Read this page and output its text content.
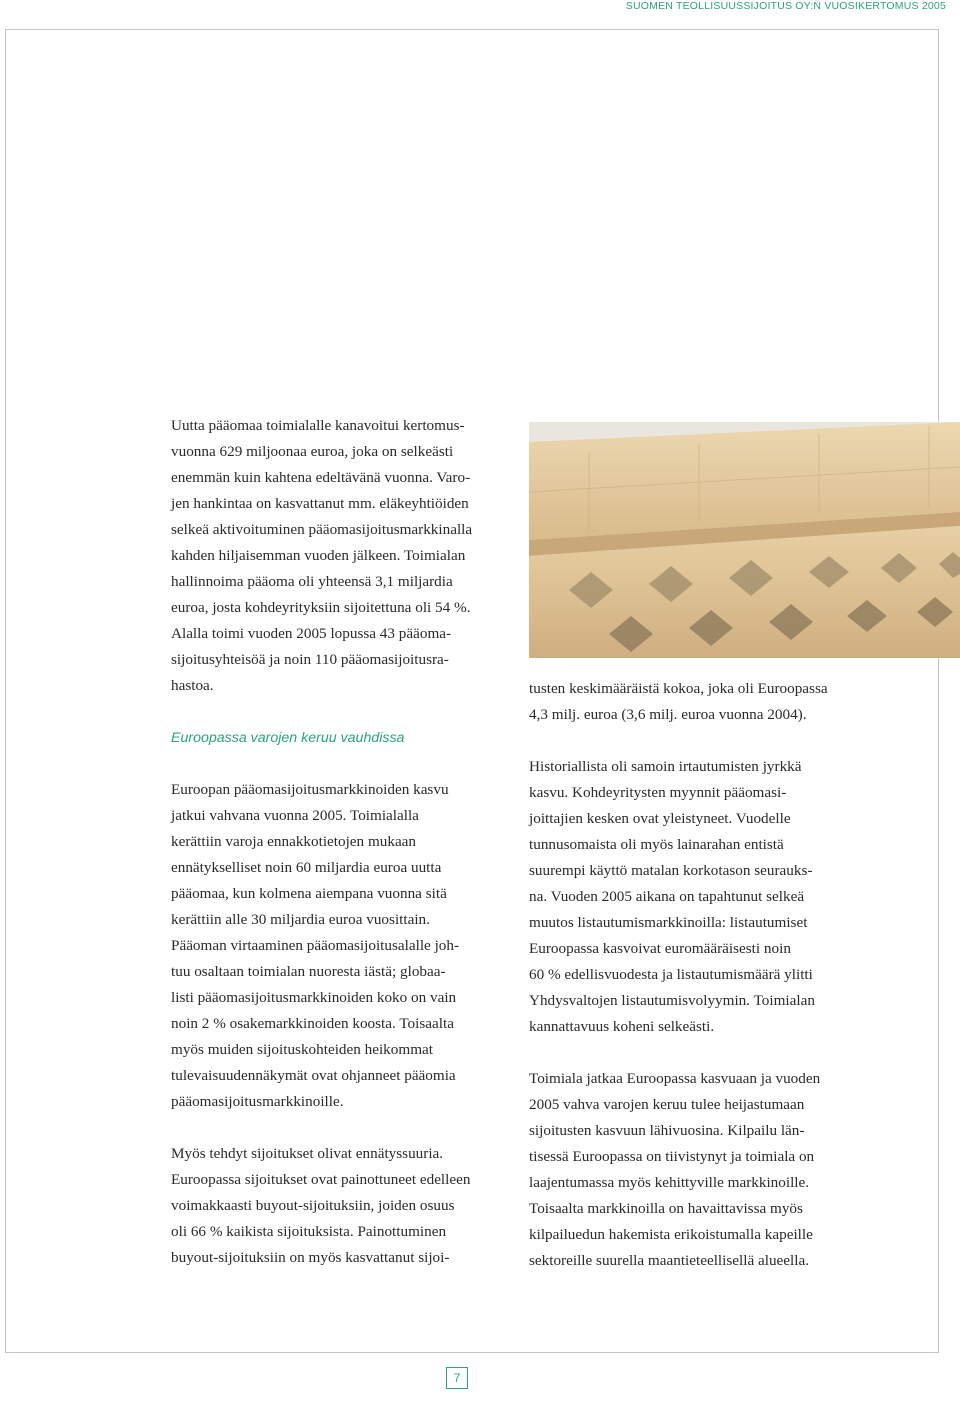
SUOMEN TEOLLISUUSSIJOITUS OY:N VUOSIKERTOMUS 2005

Uutta pääomaa toimialalle kanavoitui kertomus-

vuonna 629 miljoonaa euroa, joka on selkeästi

enemmän kuin kahtena edeltävänä vuonna. Varo-

jen hankintaa on kasvattanut mm. eläkeyhtiöiden

selkeä aktivoituminen pääomasijoitusmarkkinalla

kahden hiljaisemman vuoden jälkeen. Toimialan

hallinnoima pääoma oli yhteensä 3,1 miljardia

euroa, josta kohdeyrityksiin sijoitettuna oli 54 %.

Alalla toimi vuoden 2005 lopussa 43 pääoma-

sijoitusyhteisöä ja noin 110 pääomasijoitusra-

hastoa.

Euroopassa varojen keruu vauhdissa

Euroopan pääomasijoitusmarkkinoiden kasvu

jatkui vahvana vuonna 2005. Toimialalla

kerättiin varoja ennakkotietojen mukaan

ennätykselliset noin 60 miljardia euroa uutta

pääomaa, kun kolmena aiempana vuonna sitä

kerättiin alle 30 miljardia euroa vuosittain.

Pääoman virtaaminen pääomasijoitusalalle joh-

tuu osaltaan toimialan nuoresta iästä; globaa-

listi pääomasijoitusmarkkinoiden koko on vain

noin 2 % osakemarkkinoiden koosta. Toisaalta

myös muiden sijoituskohteiden heikommat

tulevaisuudennäkymät ovat ohjanneet pääomia

pääomasijoitusmarkkinoille.

Myös tehdyt sijoitukset olivat ennätyssuuria.

Euroopassa sijoitukset ovat painottuneet edelleen

voimakkaasti buyout-sijoituksiin, joiden osuus

oli 66 % kaikista sijoituksista. Painottuminen

buyout-sijoituksiin on myös kasvattanut sijoi-

tusten keskimääräistä kokoa, joka oli Euroopassa

4,3 milj. euroa (3,6 milj. euroa vuonna 2004).

Historiallista oli samoin irtautumisten jyrkkä

kasvu. Kohdeyritysten myynnit pääomasi-

joittajien kesken ovat yleistyneet. Vuodelle

tunnusomaista oli myös lainarahan entistä

suurempi käyttö matalan korkotason seurauks-

na. Vuoden 2005 aikana on tapahtunut selkeä

muutos listautumismarkkinoilla: listautumiset

Euroopassa kasvoivat euromääräisesti noin

60 % edellisvuodesta ja listautumismäärä ylitti

Yhdysvaltojen listautumisvolyymin. Toimialan

kannattavuus koheni selkeästi.

Toimiala jatkaa Euroopassa kasvuaan ja vuoden

2005 vahva varojen keruu tulee heijastumaan

sijoitusten kasvuun lähivuosina. Kilpailu län-

tisessä Euroopassa on tiivistynyt ja toimiala on

laajentumassa myös kehittyville markkinoille.

Toisaalta markkinoilla on havaittavissa myös

kilpailuedun hakemista erikoistumalla kapeille

sektoreille suurella maantieteellisellä alueella.

7
